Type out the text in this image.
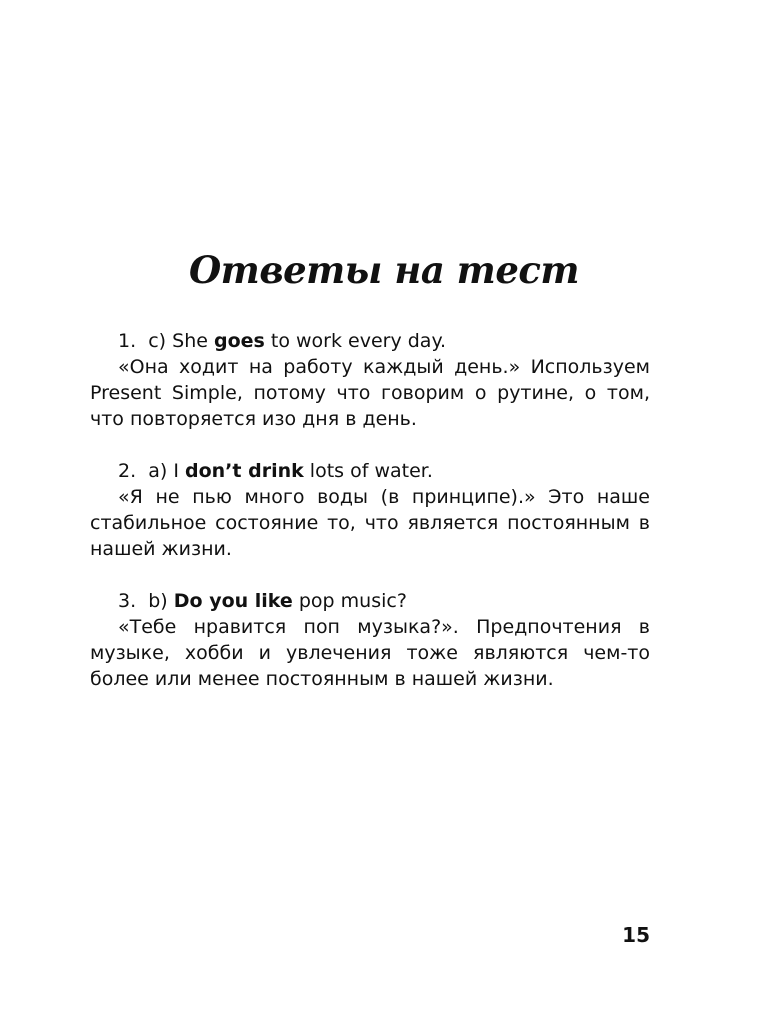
Ответы на тест

1. c) She goes to work every day.

«Она ходит на работу каждый день.» Используем Present Simple, потому что говорим о рутине, о том, что повторяется изо дня в день.

2. a) I don’t drink lots of water.

«Я не пью много воды (в принципе).» Это наше стабильное состояние то, что является постоянным в нашей жизни.

3. b) Do you like pop music?

«Тебе нравится поп музыка?». Предпочтения в музыке, хобби и увлечения тоже являются чем-то более или менее постоянным в нашей жизни.

15
